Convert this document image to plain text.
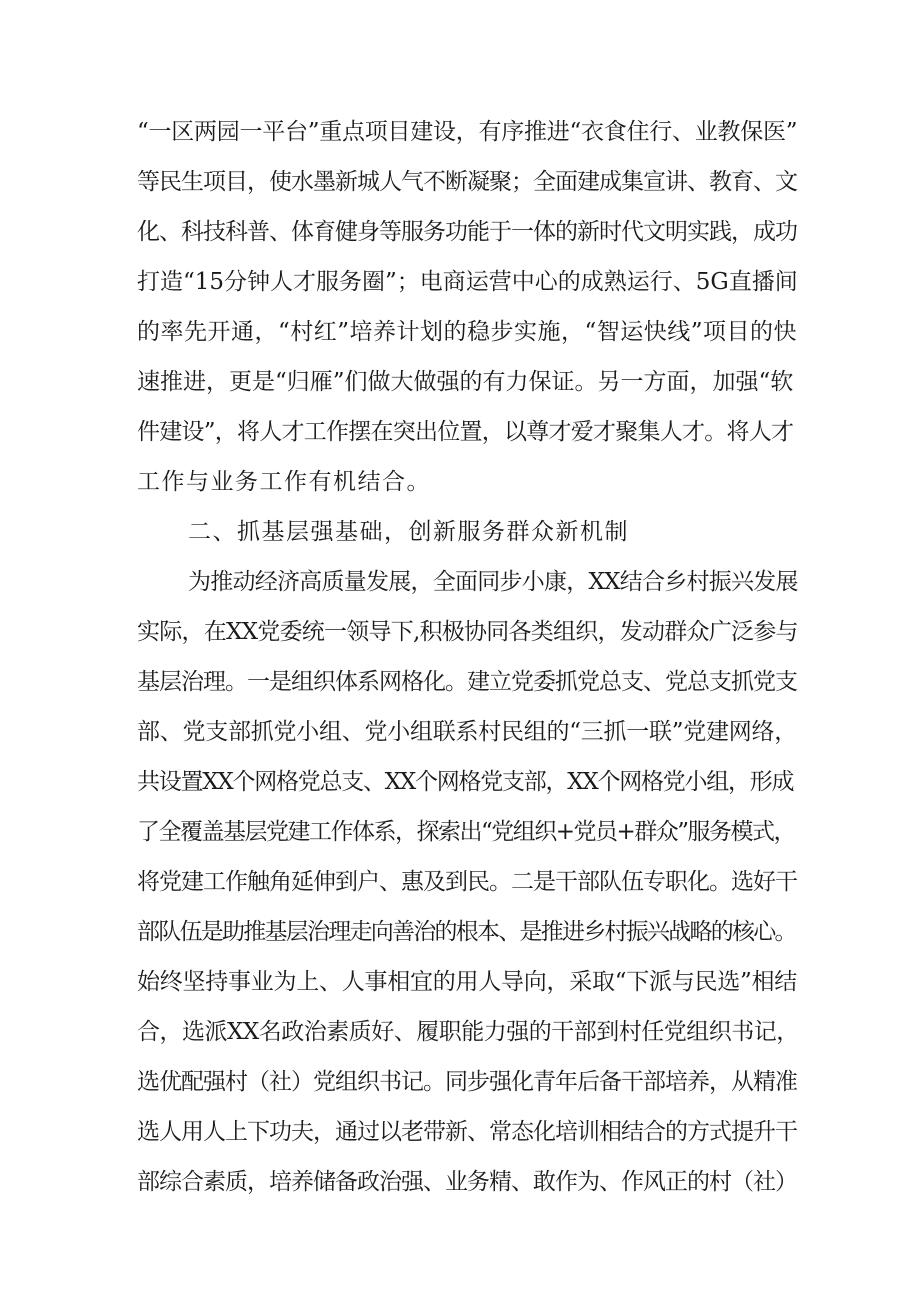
“一区两园一平台”重点项目建设，有序推进“衣食住行、业教保医”
等民生项目，使水墨新城人气不断凝聚；全面建成集宣讲、教育、文
化、科技科普、体育健身等服务功能于一体的新时代文明实践，成功
打造“15分钟人才服务圈”；电商运营中心的成熟运行、5G直播间
的率先开通，“村红”培养计划的稳步实施，“智运快线”项目的快
速推进，更是“归雁”们做大做强的有力保证。另一方面，加强“软
件建设”，将人才工作摆在突出位置，以尊才爱才聚集人才。将人才
工作与业务工作有机结合。
二、抓基层强基础，创新服务群众新机制
为推动经济高质量发展，全面同步小康，XX结合乡村振兴发展
实际，在XX党委统一领导下,积极协同各类组织，发动群众广泛参与
基层治理。一是组织体系网格化。建立党委抓党总支、党总支抓党支
部、党支部抓党小组、党小组联系村民组的“三抓一联”党建网络，
共设置XX个网格党总支、XX个网格党支部，XX个网格党小组，形成
了全覆盖基层党建工作体系，探索出“党组织+党员+群众”服务模式，
将党建工作触角延伸到户、惠及到民。二是干部队伍专职化。选好干
部队伍是助推基层治理走向善治的根本、是推进乡村振兴战略的核心。
始终坚持事业为上、人事相宜的用人导向，采取“下派与民选”相结
合，选派XX名政治素质好、履职能力强的干部到村任党组织书记，
选优配强村（社）党组织书记。同步强化青年后备干部培养，从精准
选人用人上下功夫，通过以老带新、常态化培训相结合的方式提升干
部综合素质，培养储备政治强、业务精、敢作为、作风正的村（社）
